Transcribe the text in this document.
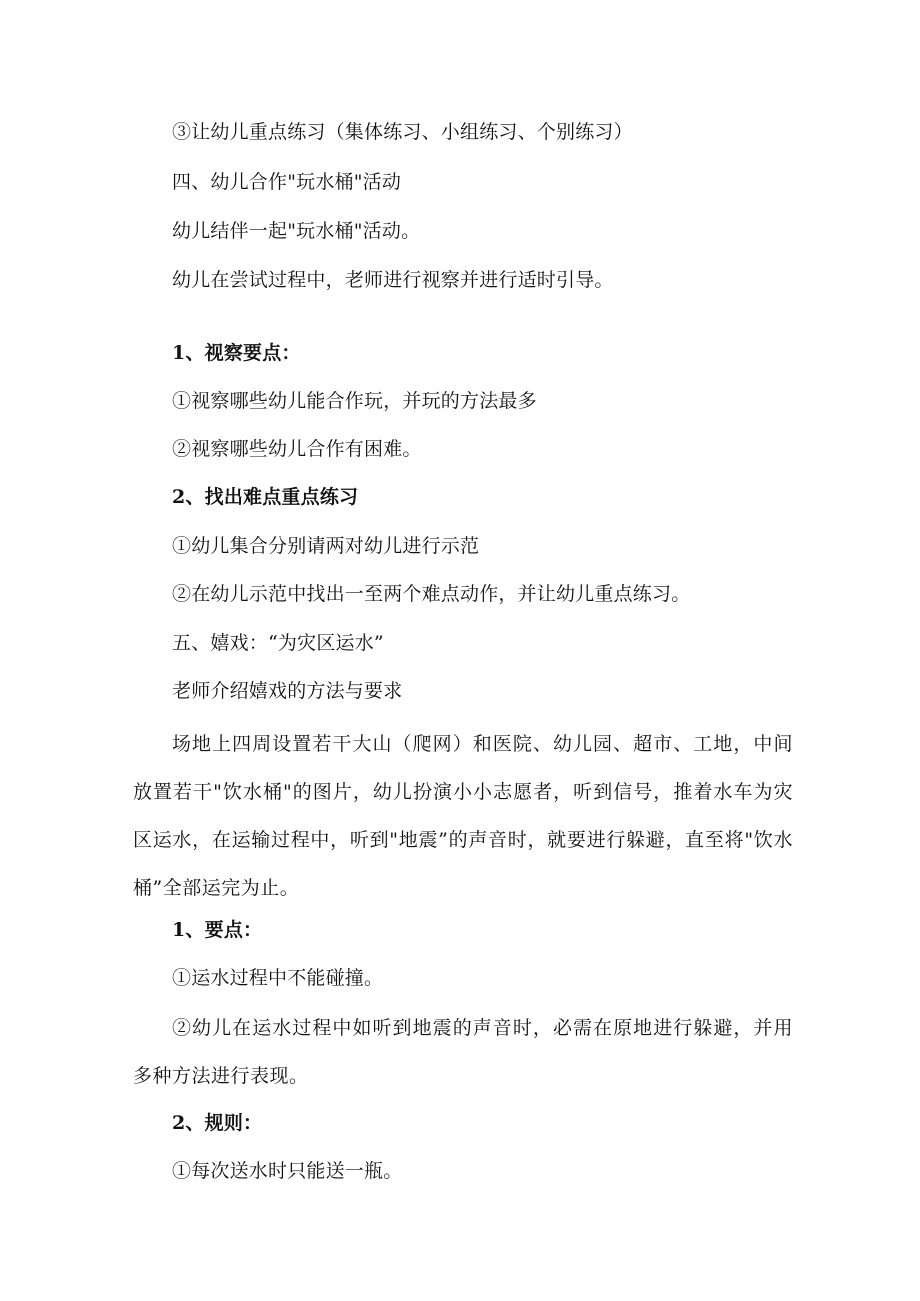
③让幼儿重点练习（集体练习、小组练习、个别练习）
四、幼儿合作"玩水桶"活动
幼儿结伴一起"玩水桶"活动。
幼儿在尝试过程中，老师进行视察并进行适时引导。
1、视察要点：
①视察哪些幼儿能合作玩，并玩的方法最多
②视察哪些幼儿合作有困难。
2、找出难点重点练习
①幼儿集合分别请两对幼儿进行示范
②在幼儿示范中找出一至两个难点动作，并让幼儿重点练习。
五、嬉戏：“为灾区运水”
老师介绍嬉戏的方法与要求
场地上四周设置若干大山（爬网）和医院、幼儿园、超市、工地，中间放置若干"饮水桶"的图片，幼儿扮演小小志愿者，听到信号，推着水车为灾区运水，在运输过程中，听到"地震”的声音时，就要进行躲避，直至将"饮水桶”全部运完为止。
1、要点：
①运水过程中不能碰撞。
②幼儿在运水过程中如听到地震的声音时，必需在原地进行躲避，并用多种方法进行表现。
2、规则：
①每次送水时只能送一瓶。
